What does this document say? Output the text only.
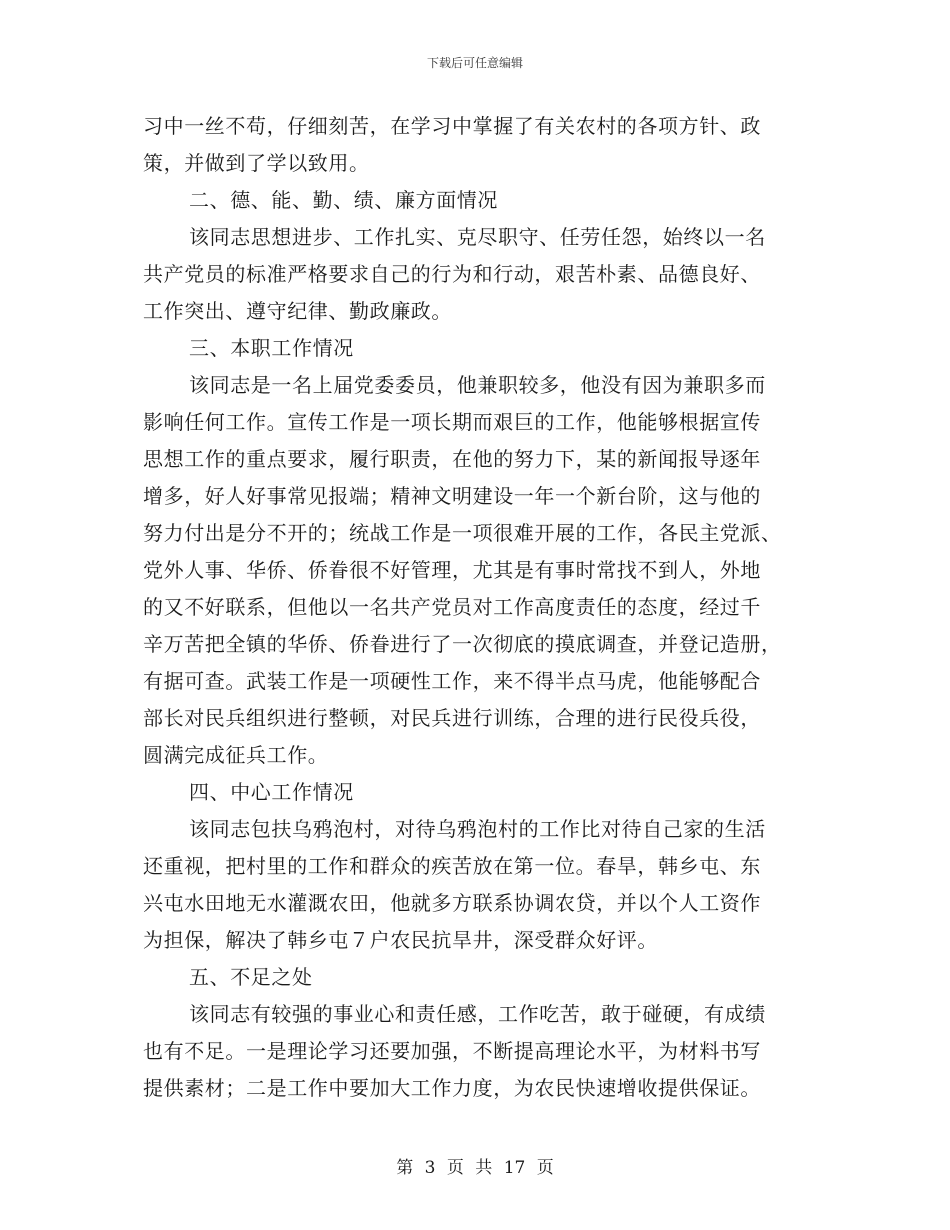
下载后可任意编辑
习中一丝不苟，仔细刻苦，在学习中掌握了有关农村的各项方针、政
策，并做到了学以致用。
二、德、能、勤、绩、廉方面情况
该同志思想进步、工作扎实、克尽职守、任劳任怨，始终以一名
共产党员的标准严格要求自己的行为和行动，艰苦朴素、品德良好、
工作突出、遵守纪律、勤政廉政。
三、本职工作情况
该同志是一名上届党委委员，他兼职较多，他没有因为兼职多而
影响任何工作。宣传工作是一项长期而艰巨的工作，他能够根据宣传
思想工作的重点要求，履行职责，在他的努力下，某的新闻报导逐年
增多，好人好事常见报端；精神文明建设一年一个新台阶，这与他的
努力付出是分不开的；统战工作是一项很难开展的工作，各民主党派、
党外人事、华侨、侨眷很不好管理，尤其是有事时常找不到人，外地
的又不好联系，但他以一名共产党员对工作高度责任的态度，经过千
辛万苦把全镇的华侨、侨眷进行了一次彻底的摸底调查，并登记造册，
有据可查。武装工作是一项硬性工作，来不得半点马虎，他能够配合
部长对民兵组织进行整顿，对民兵进行训练，合理的进行民役兵役，
圆满完成征兵工作。
四、中心工作情况
该同志包扶乌鸦泡村，对待乌鸦泡村的工作比对待自己家的生活
还重视，把村里的工作和群众的疾苦放在第一位。春旱，韩乡屯、东
兴屯水田地无水灌溉农田，他就多方联系协调农贷，并以个人工资作
为担保，解决了韩乡屯７户农民抗旱井，深受群众好评。
五、不足之处
该同志有较强的事业心和责任感，工作吃苦，敢于碰硬，有成绩
也有不足。一是理论学习还要加强，不断提高理论水平，为材料书写
提供素材；二是工作中要加大工作力度，为农民快速增收提供保证。
第 3 页 共 17 页
